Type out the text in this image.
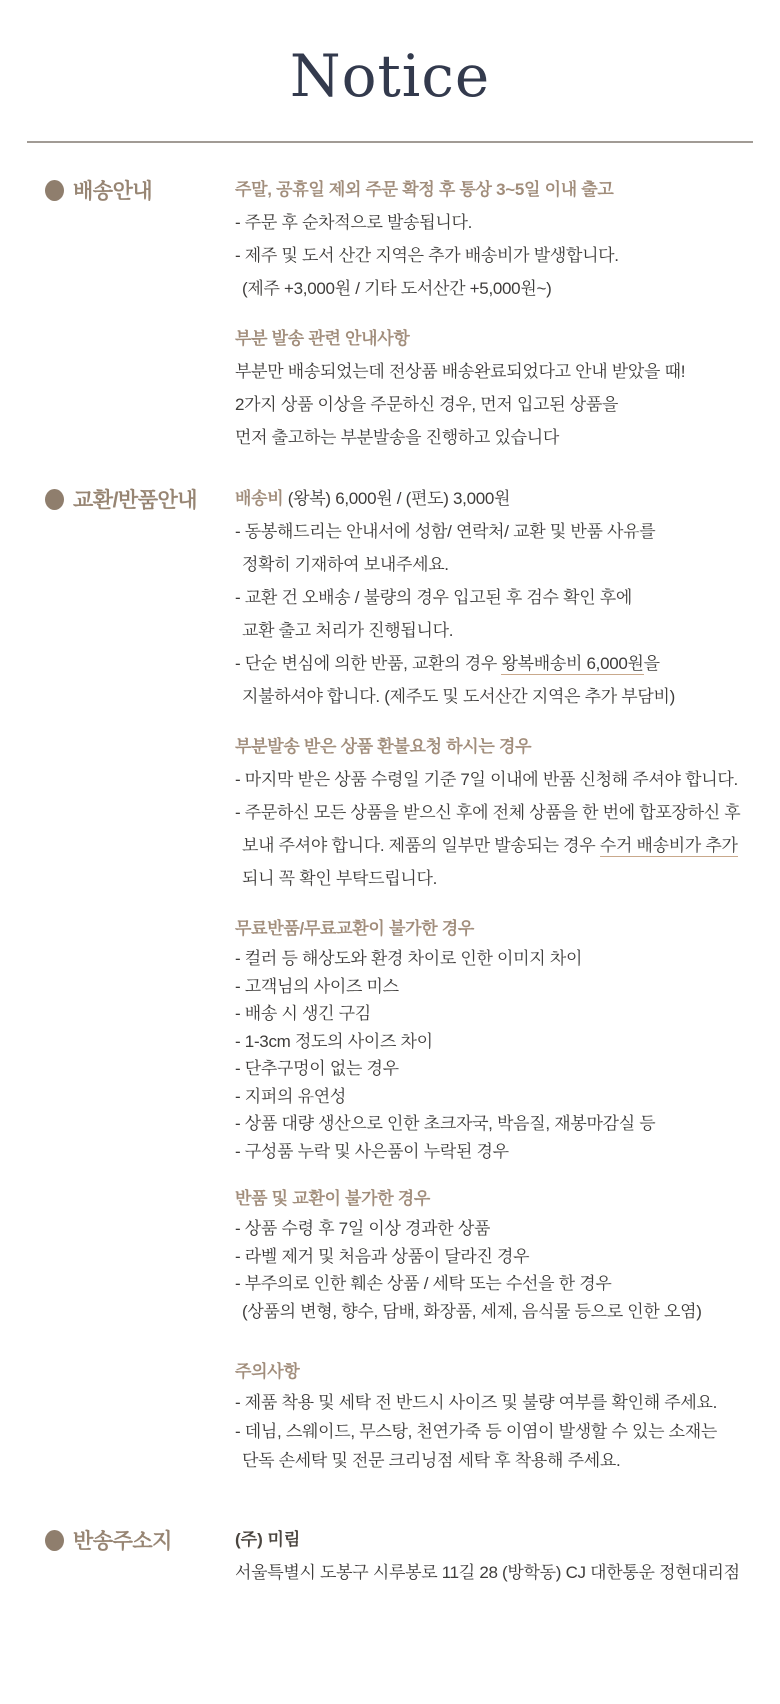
Notice
배송안내	주말, 공휴일 제외 주문 확정 후 통상 3~5일 이내 출고

- 주문 후 순차적으로 발송됩니다.

- 제주 및 도서 산간 지역은 추가 배송비가 발생합니다.

(제주 +3,000원 / 기타 도서산간 +5,000원~)

부분 발송 관련 안내사항

부분만 배송되었는데 전상품 배송완료되었다고 안내 받았을 때!

2가지 상품 이상을 주문하신 경우, 먼저 입고된 상품을

먼저 출고하는 부분발송을 진행하고 있습니다

교환/반품안내	배송비 (왕복) 6,000원 / (편도) 3,000원

- 동봉해드리는 안내서에 성함/ 연락처/ 교환 및 반품 사유를

정확히 기재하여 보내주세요.

- 교환 건 오배송 / 불량의 경우 입고된 후 검수 확인 후에

교환 출고 처리가 진행됩니다.

- 단순 변심에 의한 반품, 교환의 경우 왕복배송비 6,000원을

지불하셔야 합니다. (제주도 및 도서산간 지역은 추가 부담비)

부분발송 받은 상품 환불요청 하시는 경우

- 마지막 받은 상품 수령일 기준 7일 이내에 반품 신청해 주셔야 합니다.

- 주문하신 모든 상품을 받으신 후에 전체 상품을 한 번에 합포장하신 후

보내 주셔야 합니다. 제품의 일부만 발송되는 경우 수거 배송비가 추가

되니 꼭 확인 부탁드립니다.

무료반품/무료교환이 불가한 경우

- 컬러 등 해상도와 환경 차이로 인한 이미지 차이

- 고객님의 사이즈 미스

- 배송 시 생긴 구김

- 1-3cm 정도의 사이즈 차이

- 단추구멍이 없는 경우

- 지퍼의 유연성

- 상품 대량 생산으로 인한 초크자국, 박음질, 재봉마감실 등

- 구성품 누락 및 사은품이 누락된 경우

반품 및 교환이 불가한 경우

- 상품 수령 후 7일 이상 경과한 상품

- 라벨 제거 및 처음과 상품이 달라진 경우

- 부주의로 인한 훼손 상품 / 세탁 또는 수선을 한 경우

(상품의 변형, 향수, 담배, 화장품, 세제, 음식물 등으로 인한 오염)

주의사항

- 제품 착용 및 세탁 전 반드시 사이즈 및 불량 여부를 확인해 주세요.

- 데님, 스웨이드, 무스탕, 천연가죽 등 이염이 발생할 수 있는 소재는

단독 손세탁 및 전문 크리닝점 세탁 후 착용해 주세요.

반송주소지	(주) 미림

서울특별시 도봉구 시루봉로 11길 28 (방학동) CJ 대한통운 정현대리점
